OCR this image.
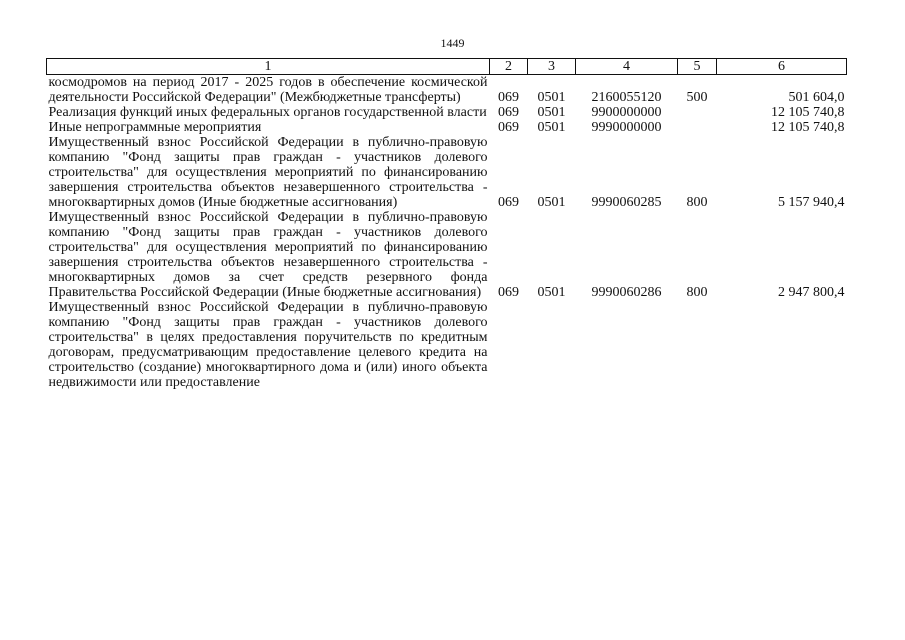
1449
1	2	3	4	5	6
космодромов на период 2017 - 2025 годов в обеспечение космической деятельности Российской Федерации" (Межбюджетные трансферты)	069	0501	2160055120	500	501 604,0
Реализация функций иных федеральных органов государственной власти	069	0501	9900000000		12 105 740,8
Иные непрограммные мероприятия	069	0501	9990000000		12 105 740,8
Имущественный взнос Российской Федерации в публично-правовую компанию "Фонд защиты прав граждан - участников долевого строительства" для осуществления мероприятий по финансированию завершения строительства объектов незавершенного строительства - многоквартирных домов (Иные бюджетные ассигнования)	069	0501	9990060285	800	5 157 940,4
Имущественный взнос Российской Федерации в публично-правовую компанию "Фонд защиты прав граждан - участников долевого строительства" для осуществления мероприятий по финансированию завершения строительства объектов незавершенного строительства - многоквартирных домов за счет средств резервного фонда Правительства Российской Федерации (Иные бюджетные ассигнования)	069	0501	9990060286	800	2 947 800,4
Имущественный взнос Российской Федерации в публично-правовую компанию "Фонд защиты прав граждан - участников долевого строительства" в целях предоставления поручительств по кредитным договорам, предусматривающим предоставление целевого кредита на строительство (создание) многоквартирного дома и (или) иного объекта недвижимости или предоставление					
